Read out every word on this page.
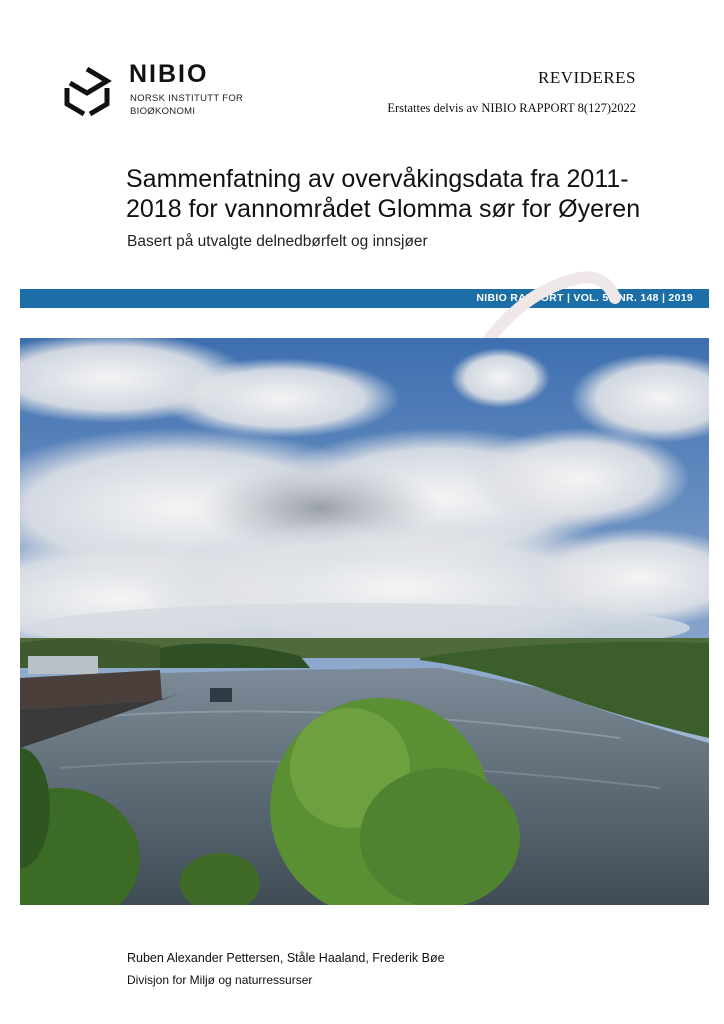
NIBIO
NORSK INSTITUTT FOR
BIOØKONOMI
REVIDERES
Erstattes delvis av NIBIO RAPPORT 8(127)2022
Sammenfatning av overvåkingsdata fra 2011-
2018 for vannområdet Glomma sør for Øyeren
Basert på utvalgte delnedbørfelt og innsjøer
NIBIO RAPPORT | VOL. 5 | NR. 148 | 2019
Ruben Alexander Pettersen, Ståle Haaland, Frederik Bøe
Divisjon for Miljø og naturressurser
